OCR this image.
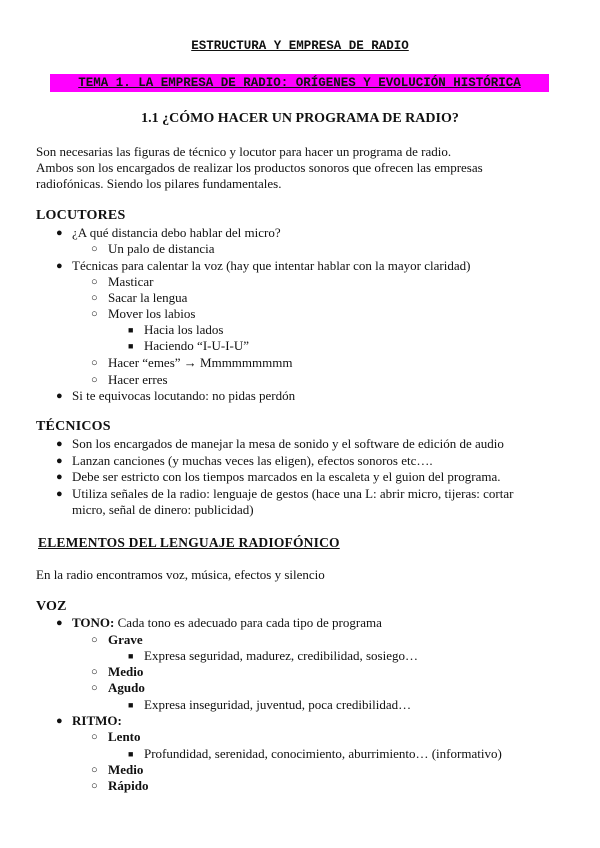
ESTRUCTURA Y EMPRESA DE RADIO
TEMA 1. LA EMPRESA DE RADIO: ORÍGENES Y EVOLUCIÓN HISTÓRICA
1.1 ¿CÓMO HACER UN PROGRAMA DE RADIO?
Son necesarias las figuras de técnico y locutor para hacer un programa de radio.
Ambos son los encargados de realizar los productos sonoros que ofrecen las empresas
radiofónicas. Siendo los pilares fundamentales.
LOCUTORES
● ¿A qué distancia debo hablar del micro?
○ Un palo de distancia
● Técnicas para calentar la voz (hay que intentar hablar con la mayor claridad)
○ Masticar
○ Sacar la lengua
○ Mover los labios
■ Hacia los lados
■ Haciendo “I-U-I-U”
○ Hacer “emes” → Mmmmmmmmm
○ Hacer erres
● Si te equivocas locutando: no pidas perdón
TÉCNICOS
● Son los encargados de manejar la mesa de sonido y el software de edición de audio
● Lanzan canciones (y muchas veces las eligen), efectos sonoros etc….
● Debe ser estricto con los tiempos marcados en la escaleta y el guion del programa.
● Utiliza señales de la radio: lenguaje de gestos (hace una L: abrir micro, tijeras: cortar
micro, señal de dinero: publicidad)
ELEMENTOS DEL LENGUAJE RADIOFÓNICO
En la radio encontramos voz, música, efectos y silencio
VOZ
● TONO: Cada tono es adecuado para cada tipo de programa
○ Grave
■ Expresa seguridad, madurez, credibilidad, sosiego…
○ Medio
○ Agudo
■ Expresa inseguridad, juventud, poca credibilidad…
● RITMO:
○ Lento
■ Profundidad, serenidad, conocimiento, aburrimiento… (informativo)
○ Medio
○ Rápido
